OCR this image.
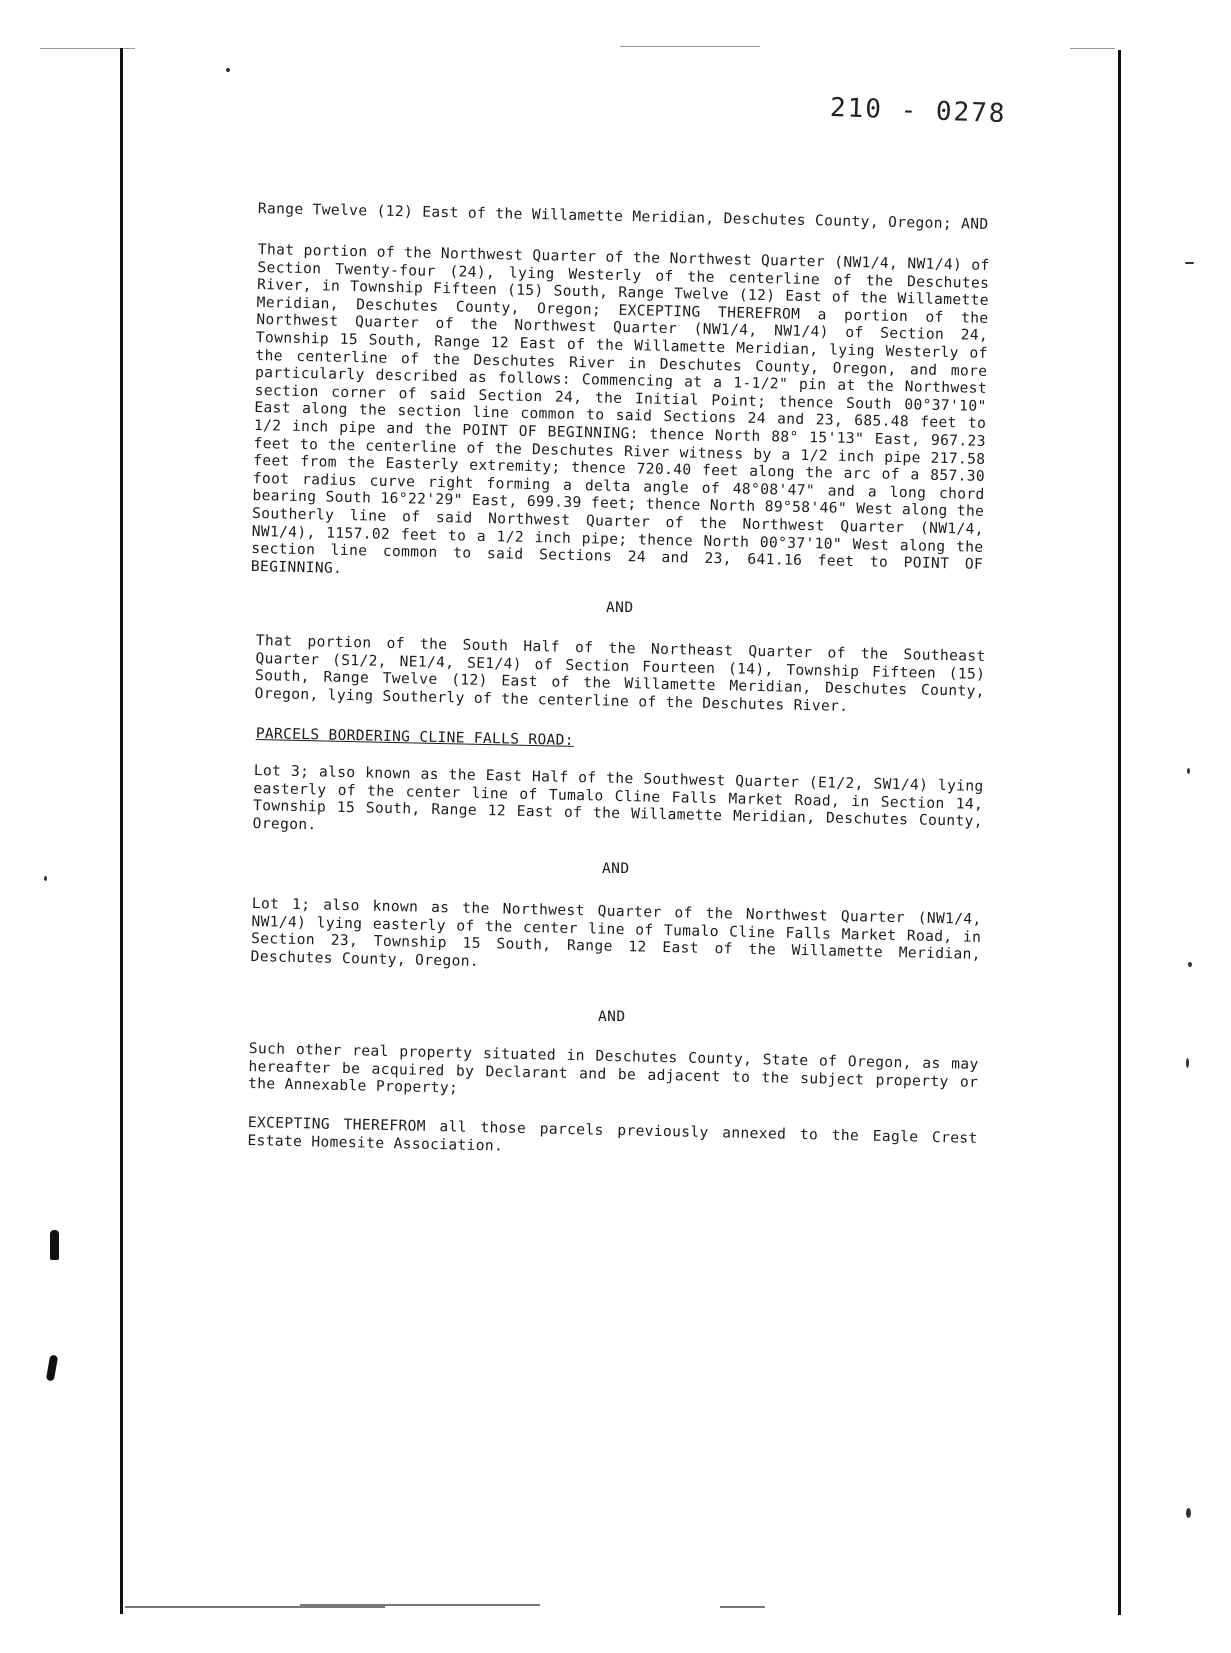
210 - 0278
Range Twelve (12) East of the Willamette Meridian, Deschutes County, Oregon; AND
That portion of the Northwest Quarter of the Northwest Quarter (NW1/4, NW1/4) of Section Twenty-four (24), lying Westerly of the centerline of the Deschutes River, in Township Fifteen (15) South, Range Twelve (12) East of the Willamette Meridian, Deschutes County, Oregon; EXCEPTING THEREFROM a portion of the Northwest Quarter of the Northwest Quarter (NW1/4, NW1/4) of Section 24, Township 15 South, Range 12 East of the Willamette Meridian, lying Westerly of the centerline of the Deschutes River in Deschutes County, Oregon, and more particularly described as follows: Commencing at a 1-1/2" pin at the Northwest section corner of said Section 24, the Initial Point; thence South 00°37'10" East along the section line common to said Sections 24 and 23, 685.48 feet to 1/2 inch pipe and the POINT OF BEGINNING: thence North 88° 15'13" East, 967.23 feet to the centerline of the Deschutes River witness by a 1/2 inch pipe 217.58 feet from the Easterly extremity; thence 720.40 feet along the arc of a 857.30 foot radius curve right forming a delta angle of 48°08'47" and a long chord bearing South 16°22'29" East, 699.39 feet; thence North 89°58'46" West along the Southerly line of said Northwest Quarter of the Northwest Quarter (NW1/4, NW1/4), 1157.02 feet to a 1/2 inch pipe; thence North 00°37'10" West along the section line common to said Sections 24 and 23, 641.16 feet to POINT OF BEGINNING.
AND
That portion of the South Half of the Northeast Quarter of the Southeast Quarter (S1/2, NE1/4, SE1/4) of Section Fourteen (14), Township Fifteen (15) South, Range Twelve (12) East of the Willamette Meridian, Deschutes County, Oregon, lying Southerly of the centerline of the Deschutes River.
PARCELS BORDERING CLINE FALLS ROAD:
Lot 3; also known as the East Half of the Southwest Quarter (E1/2, SW1/4) lying easterly of the center line of Tumalo Cline Falls Market Road, in Section 14, Township 15 South, Range 12 East of the Willamette Meridian, Deschutes County, Oregon.
AND
Lot 1; also known as the Northwest Quarter of the Northwest Quarter (NW1/4, NW1/4) lying easterly of the center line of Tumalo Cline Falls Market Road, in Section 23, Township 15 South, Range 12 East of the Willamette Meridian, Deschutes County, Oregon.
AND
Such other real property situated in Deschutes County, State of Oregon, as may hereafter be acquired by Declarant and be adjacent to the subject property or the Annexable Property;
EXCEPTING THEREFROM all those parcels previously annexed to the Eagle Crest Estate Homesite Association.
